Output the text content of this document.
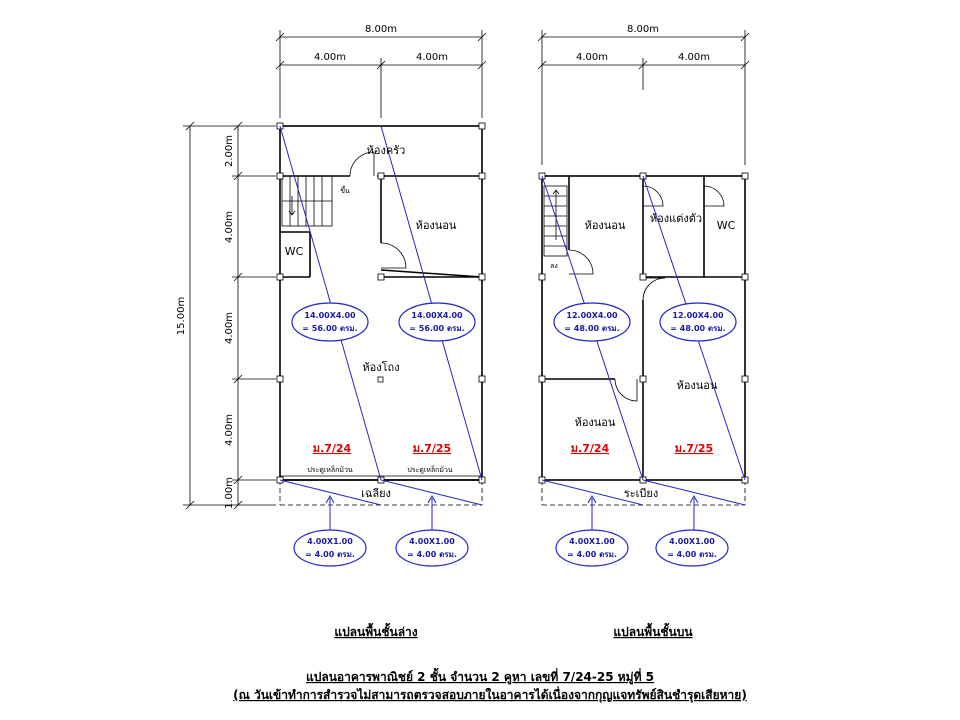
8.00m
4.00m	4.00m
15.00m
2.00m
4.00m
4.00m
4.00m
1.00m
ห้องครัว
ห้องนอน
ขึ้น
WC
ห้องโถง
เฉลียง
ประตูเหล็กม้วน	ประตูเหล็กม้วน
ม.7/24	ม.7/25
14.00X4.00
= 56.00 ตรม.
14.00X4.00
= 56.00 ตรม.
4.00X1.00
= 4.00 ตรม.
4.00X1.00
= 4.00 ตรม.
แปลนพื้นชั้นล่าง
8.00m
4.00m	4.00m
ห้องนอน
ห้องแต่งตัว
WC
ลง
ห้องนอน
ห้องนอน
ระเบียง
ม.7/24	ม.7/25
12.00X4.00
= 48.00 ตรม.
12.00X4.00
= 48.00 ตรม.
4.00X1.00
= 4.00 ตรม.
4.00X1.00
= 4.00 ตรม.
แปลนพื้นชั้นบน
แปลนอาคารพาณิชย์ 2 ชั้น จำนวน 2 คูหา เลขที่ 7/24-25 หมู่ที่ 5
(ณ วันเข้าทำการสำรวจไม่สามารถตรวจสอบภายในอาคารได้เนื่องจากกุญแจทรัพย์สินชำรุดเสียหาย)
